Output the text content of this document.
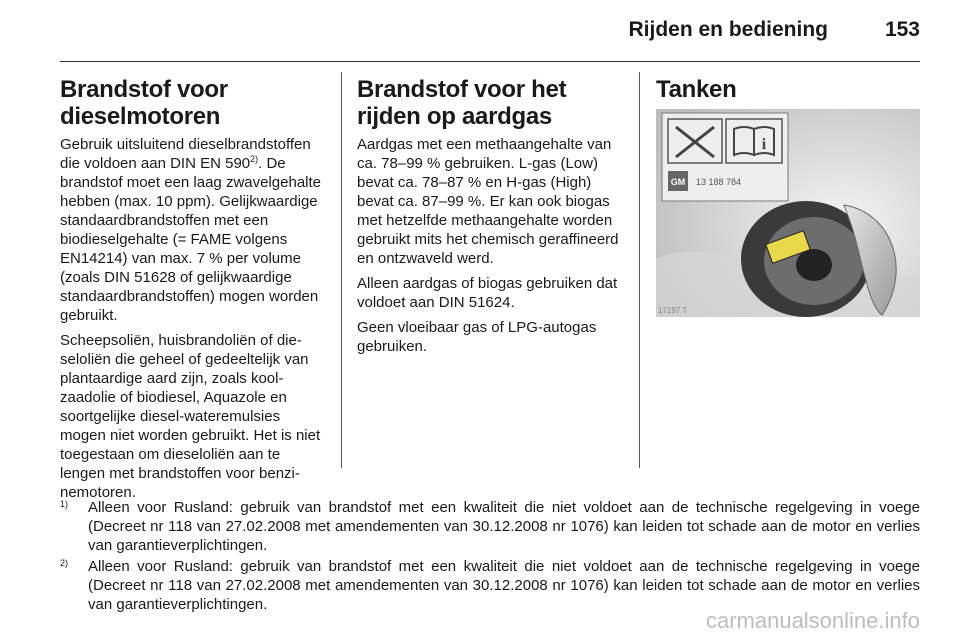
Rijden en bediening	153
Brandstof voor dieselmotoren

Gebruik uitsluitend dieselbrandstoffen die voldoen aan DIN EN 590$^{2)}$. De brandstof moet een laag zwavelgehalte hebben (max. 10 ppm). Gelijkwaardige standaardbrandstoffen met een biodieselgehalte (= FAME volgens EN14214) van max. 7 % per volume (zoals DIN 51628 of gelijkwaardige standaardbrandstoffen) mogen worden gebruikt.

Scheepsoliën, huisbrandoliën of dieseloliën die geheel of gedeeltelijk van plantaardige aard zijn, zoals koolzaadolie of biodiesel, Aquazole en soortgelijke diesel-wateremulsies mogen niet worden gebruikt. Het is niet toegestaan om dieseloliën aan te lengen met brandstoffen voor benzinemotoren.

Brandstof voor het rijden op aardgas

Aardgas met een methaangehalte van ca. 78–99 % gebruiken. L-gas (Low) bevat ca. 78–87 % en H-gas (High) bevat ca. 87–99 %. Er kan ook biogas met hetzelfde methaangehalte worden gebruikt mits het chemisch geraffineerd en ontzwaveld werd.

Alleen aardgas of biogas gebruiken dat voldoet aan DIN 51624.

Geen vloeibaar gas of LPG-autogas gebruiken.

Tanken
i
GM 13 188 784
17197 T
1) Alleen voor Rusland: gebruik van brandstof met een kwaliteit die niet voldoet aan de technische regelgeving in voege (Decreet nr 118 van 27.02.2008 met amendementen van 30.12.2008 nr 1076) kan leiden tot schade aan de motor en verlies van garantieverplichtingen.
2) Alleen voor Rusland: gebruik van brandstof met een kwaliteit die niet voldoet aan de technische regelgeving in voege (Decreet nr 118 van 27.02.2008 met amendementen van 30.12.2008 nr 1076) kan leiden tot schade aan de motor en verlies van garantieverplichtingen.
carmanualsonline.info
